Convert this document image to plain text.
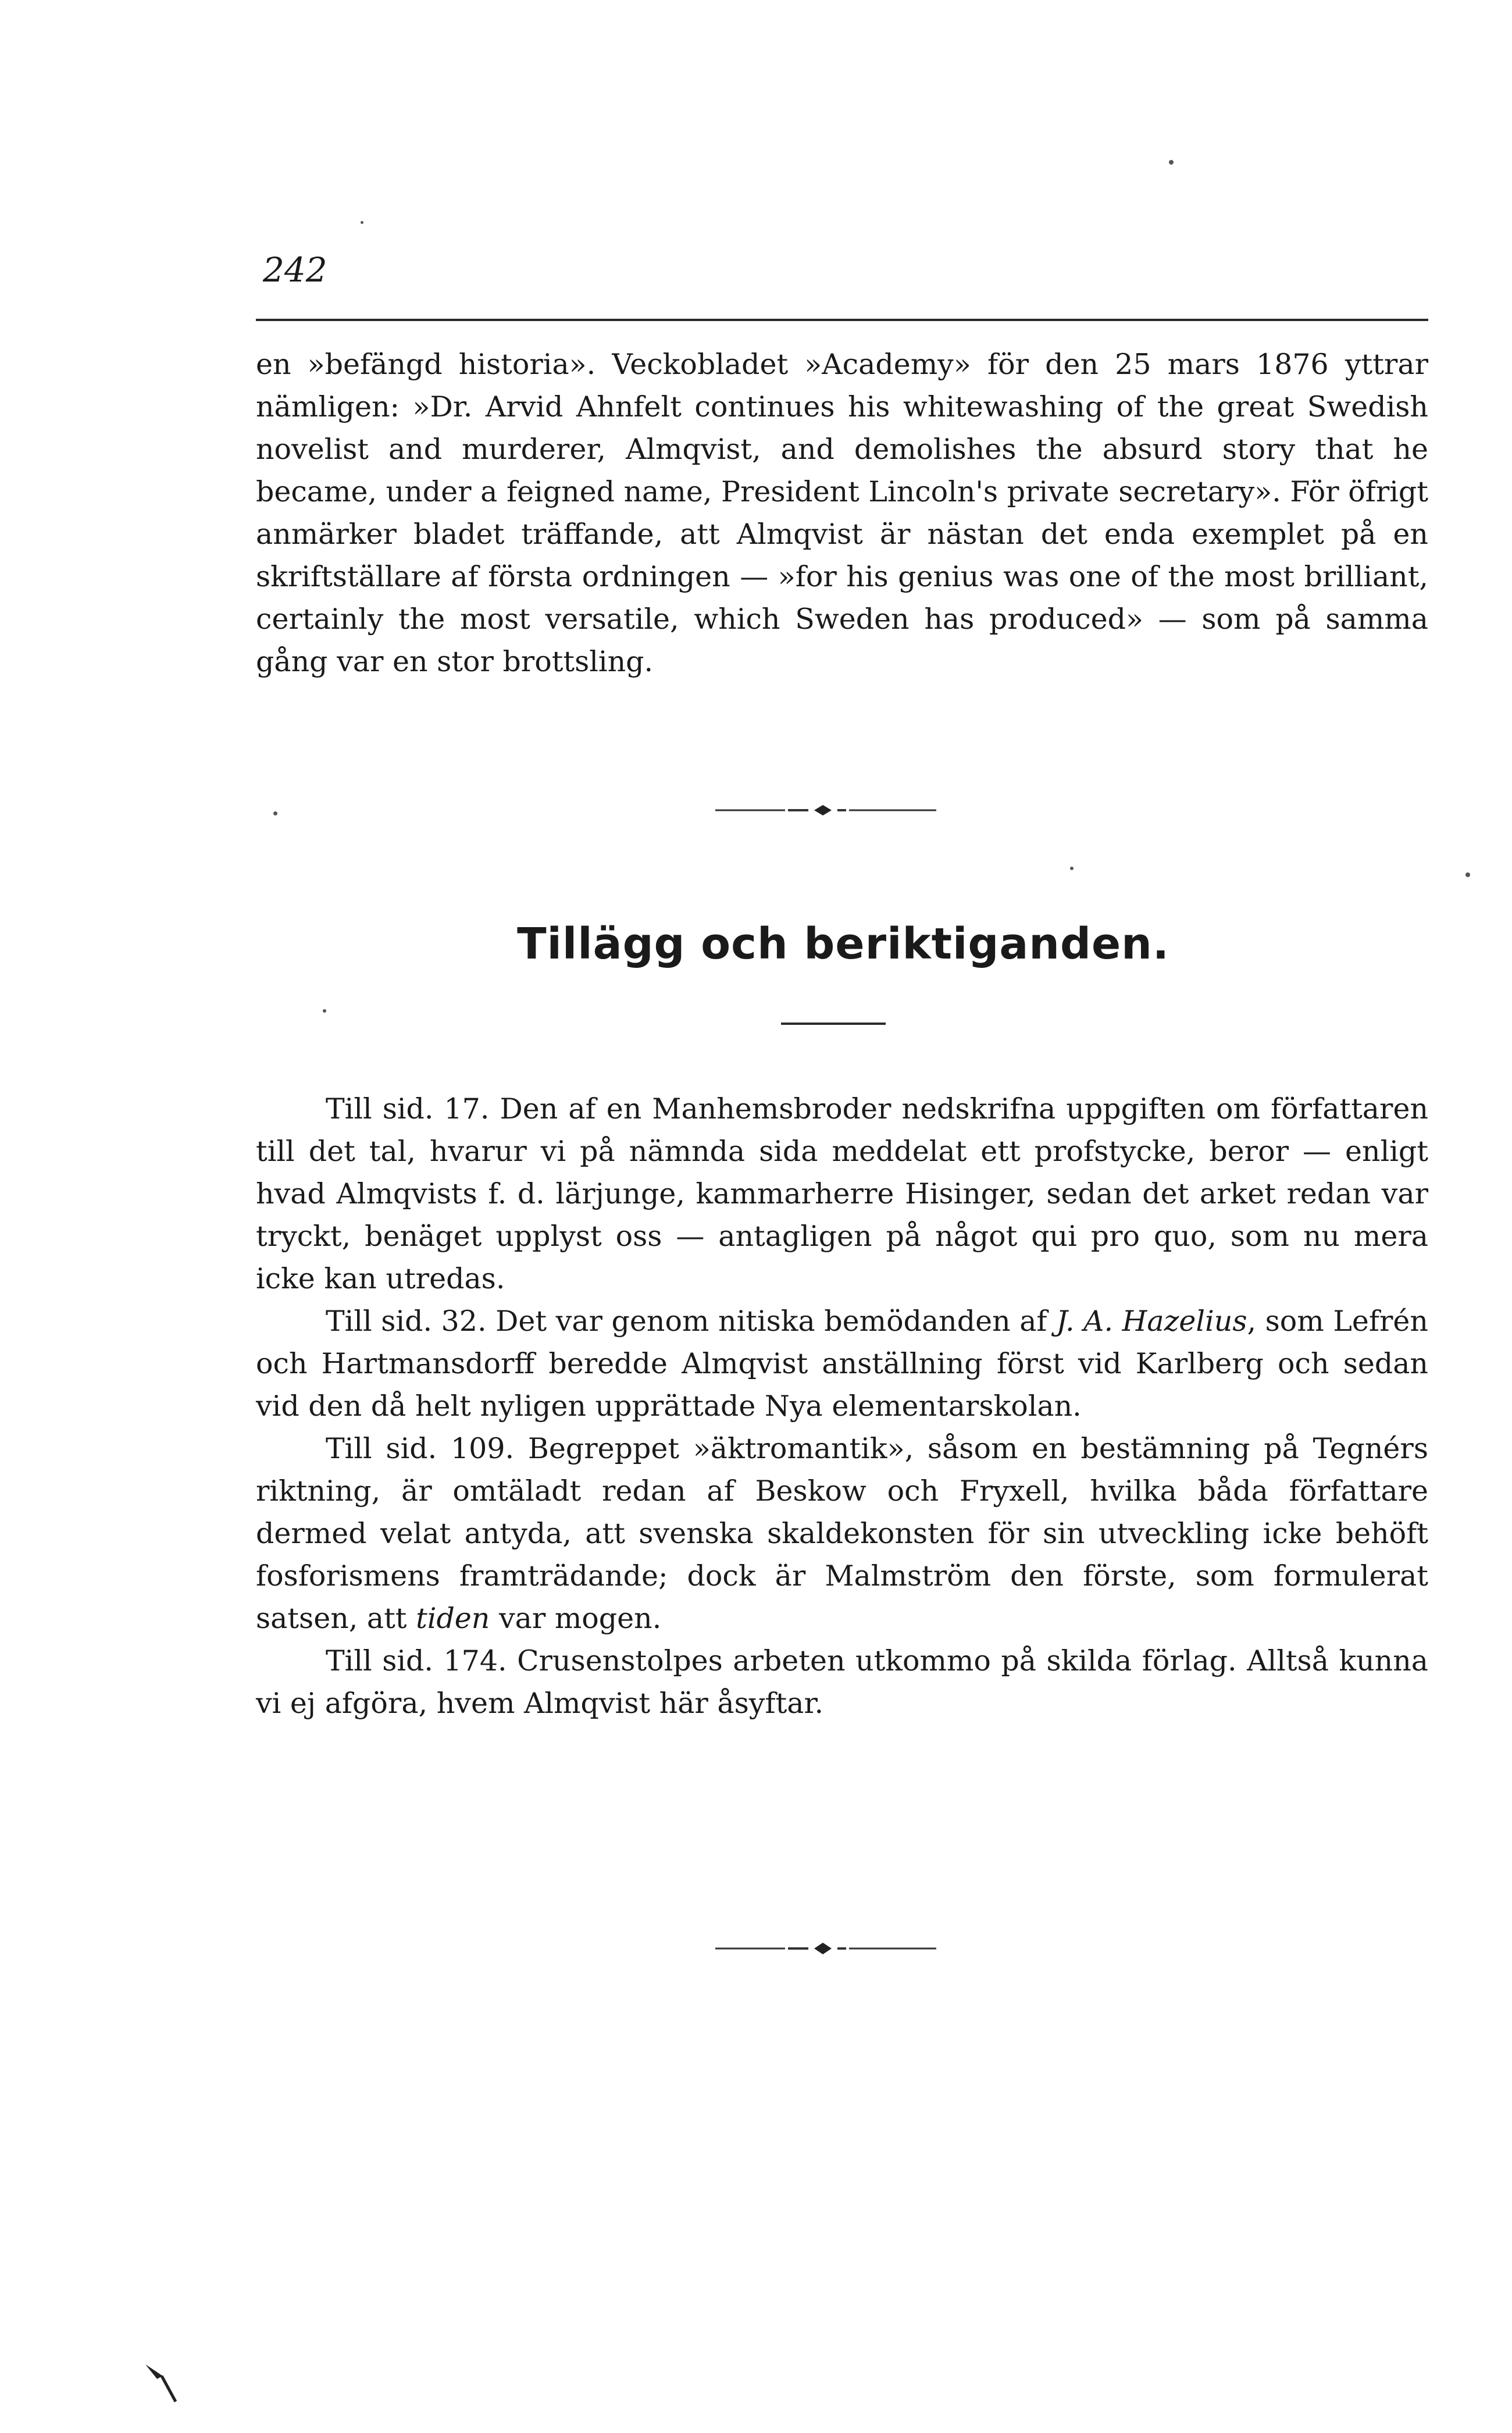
242

en »befängd historia». Veckobladet »Academy» för den 25 mars 1876 yttrar nämligen: »Dr. Arvid Ahnfelt continues his whitewashing of the great Swedish novelist and murderer, Almqvist, and demolishes the absurd story that he became, under a feigned name, President Lincoln's private secretary». För öfrigt anmärker bladet träffande, att Almqvist är nästan det enda exemplet på en skriftställare af första ordningen — »for his genius was one of the most brilliant, certainly the most versatile, which Sweden has produced» — som på samma gång var en stor brottsling.

Tillägg och beriktiganden.

Till sid. 17. Den af en Manhemsbroder nedskrifna uppgiften om författaren till det tal, hvarur vi på nämnda sida meddelat ett profstycke, beror — enligt hvad Almqvists f. d. lärjunge, kammarherre Hisinger, sedan det arket redan var tryckt, benäget upplyst oss — antagligen på något qui pro quo, som nu mera icke kan utredas.

Till sid. 32. Det var genom nitiska bemödanden af J. A. Hazelius, som Lefrén och Hartmansdorff beredde Almqvist anställning först vid Karlberg och sedan vid den då helt nyligen upprättade Nya elementarskolan.

Till sid. 109. Begreppet »äktromantik», såsom en bestämning på Tegnérs riktning, är omtäladt redan af Beskow och Fryxell, hvilka båda författare dermed velat antyda, att svenska skaldekonsten för sin utveckling icke behöft fosforismens framträdande; dock är Malmström den förste, som formulerat satsen, att tiden var mogen.

Till sid. 174. Crusenstolpes arbeten utkommo på skilda förlag. Alltså kunna vi ej afgöra, hvem Almqvist här åsyftar.
